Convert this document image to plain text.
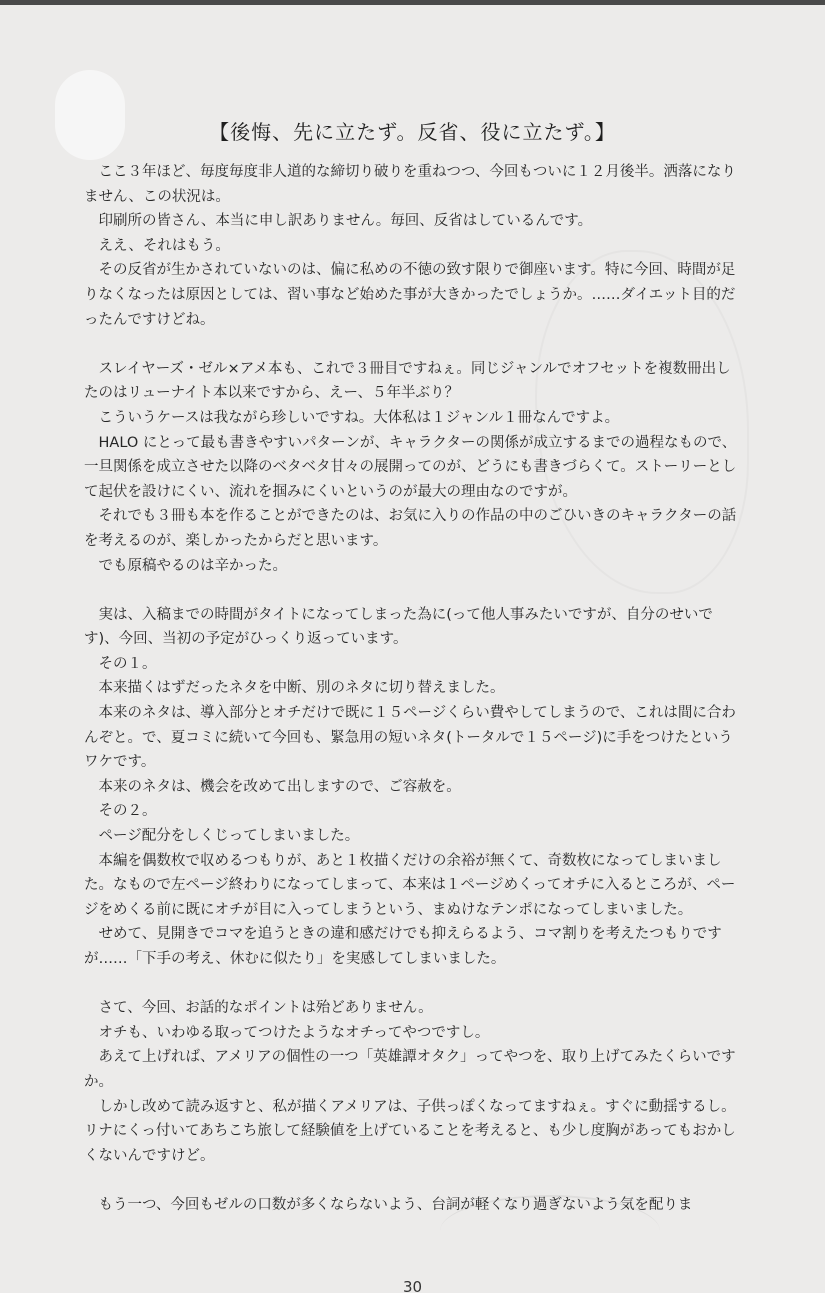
【後悔、先に立たず。反省、役に立たず。】

ここ３年ほど、毎度毎度非人道的な締切り破りを重ねつつ、今回もついに１２月後半。洒落になりません、この状況は。

印刷所の皆さん、本当に申し訳ありません。毎回、反省はしているんです。

ええ、それはもう。

その反省が生かされていないのは、偏に私めの不徳の致す限りで御座います。特に今回、時間が足りなくなったは原因としては、習い事など始めた事が大きかったでしょうか。……ダイエット目的だったんですけどね。

スレイヤーズ・ゼル×アメ本も、これで３冊目ですねぇ。同じジャンルでオフセットを複数冊出したのはリューナイト本以来ですから、えー、５年半ぶり？

こういうケースは我ながら珍しいですね。大体私は１ジャンル１冊なんですよ。

HALO にとって最も書きやすいパターンが、キャラクターの関係が成立するまでの過程なもので、一旦関係を成立させた以降のベタベタ甘々の展開ってのが、どうにも書きづらくて。ストーリーとして起伏を設けにくい、流れを掴みにくいというのが最大の理由なのですが。

それでも３冊も本を作ることができたのは、お気に入りの作品の中のごひいきのキャラクターの話を考えるのが、楽しかったからだと思います。

でも原稿やるのは辛かった。

実は、入稿までの時間がタイトになってしまった為に(って他人事みたいですが、自分のせいです)、今回、当初の予定がひっくり返っています。

その１。

本来描くはずだったネタを中断、別のネタに切り替えました。

本来のネタは、導入部分とオチだけで既に１５ページくらい費やしてしまうので、これは間に合わんぞと。で、夏コミに続いて今回も、緊急用の短いネタ(トータルで１５ページ)に手をつけたというワケです。

本来のネタは、機会を改めて出しますので、ご容赦を。

その２。

ページ配分をしくじってしまいました。

本編を偶数枚で収めるつもりが、あと１枚描くだけの余裕が無くて、奇数枚になってしまいました。なもので左ページ終わりになってしまって、本来は１ページめくってオチに入るところが、ページをめくる前に既にオチが目に入ってしまうという、まぬけなテンポになってしまいました。

せめて、見開きでコマを追うときの違和感だけでも抑えらるよう、コマ割りを考えたつもりですが……「下手の考え、休むに似たり」を実感してしまいました。

さて、今回、お話的なポイントは殆どありません。

オチも、いわゆる取ってつけたようなオチってやつですし。

あえて上げれば、アメリアの個性の一つ「英雄譚オタク」ってやつを、取り上げてみたくらいですか。

しかし改めて読み返すと、私が描くアメリアは、子供っぽくなってますねぇ。すぐに動揺するし。リナにくっ付いてあちこち旅して経験値を上げていることを考えると、も少し度胸があってもおかしくないんですけど。

もう一つ、今回もゼルの口数が多くならないよう、台詞が軽くなり過ぎないよう気を配りま

30
